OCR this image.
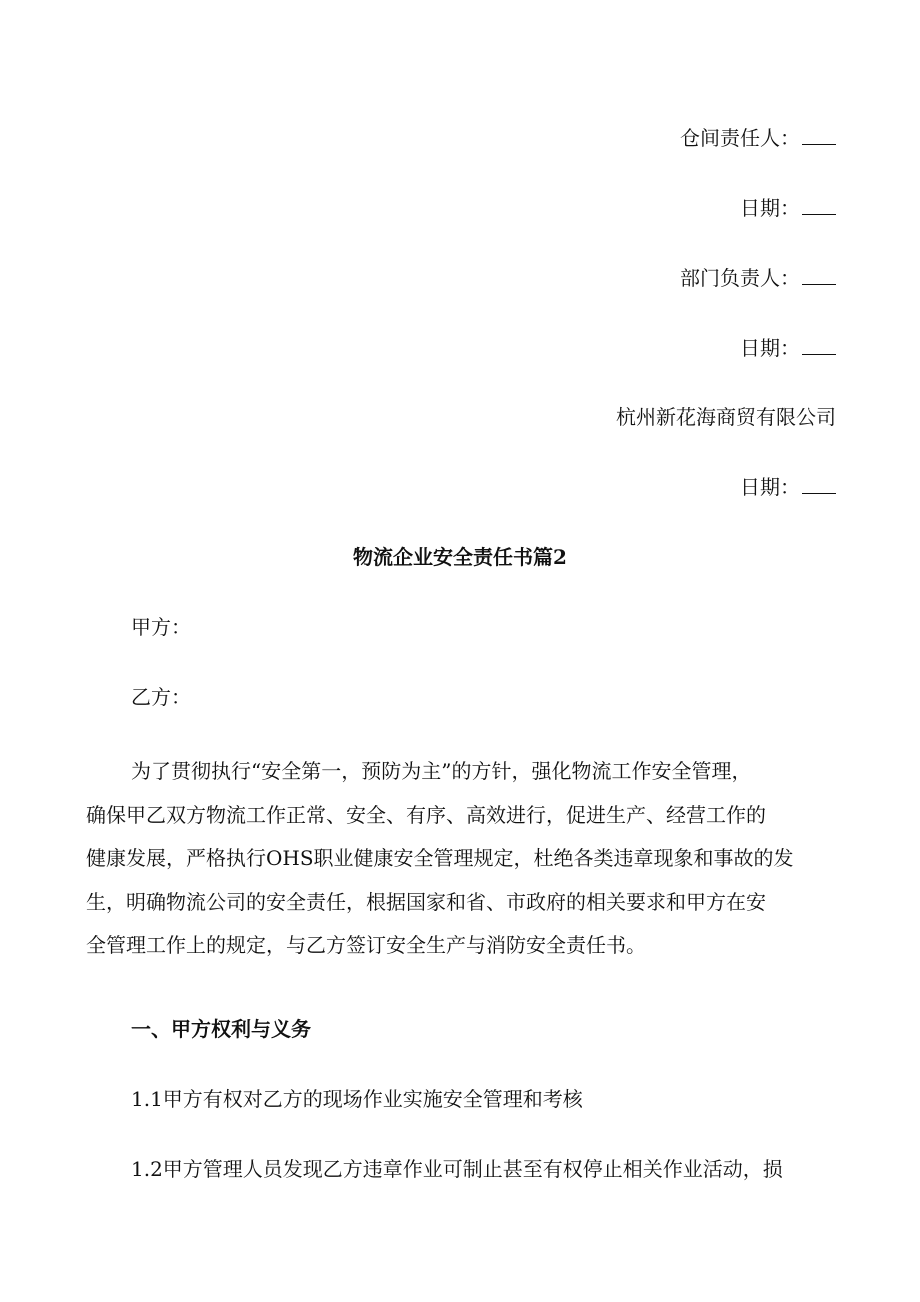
仓间责任人：
日期：
部门负责人：
日期：
杭州新花海商贸有限公司
日期：
物流企业安全责任书篇2
甲方：
乙方：
为了贯彻执行“安全第一，预防为主”的方针，强化物流工作安全管理，
确保甲乙双方物流工作正常、安全、有序、高效进行，促进生产、经营工作的
健康发展，严格执行OHS职业健康安全管理规定，杜绝各类违章现象和事故的发
生，明确物流公司的安全责任，根据国家和省、市政府的相关要求和甲方在安
全管理工作上的规定，与乙方签订安全生产与消防安全责任书。
一、甲方权利与义务
1.1甲方有权对乙方的现场作业实施安全管理和考核
1.2甲方管理人员发现乙方违章作业可制止甚至有权停止相关作业活动，损
